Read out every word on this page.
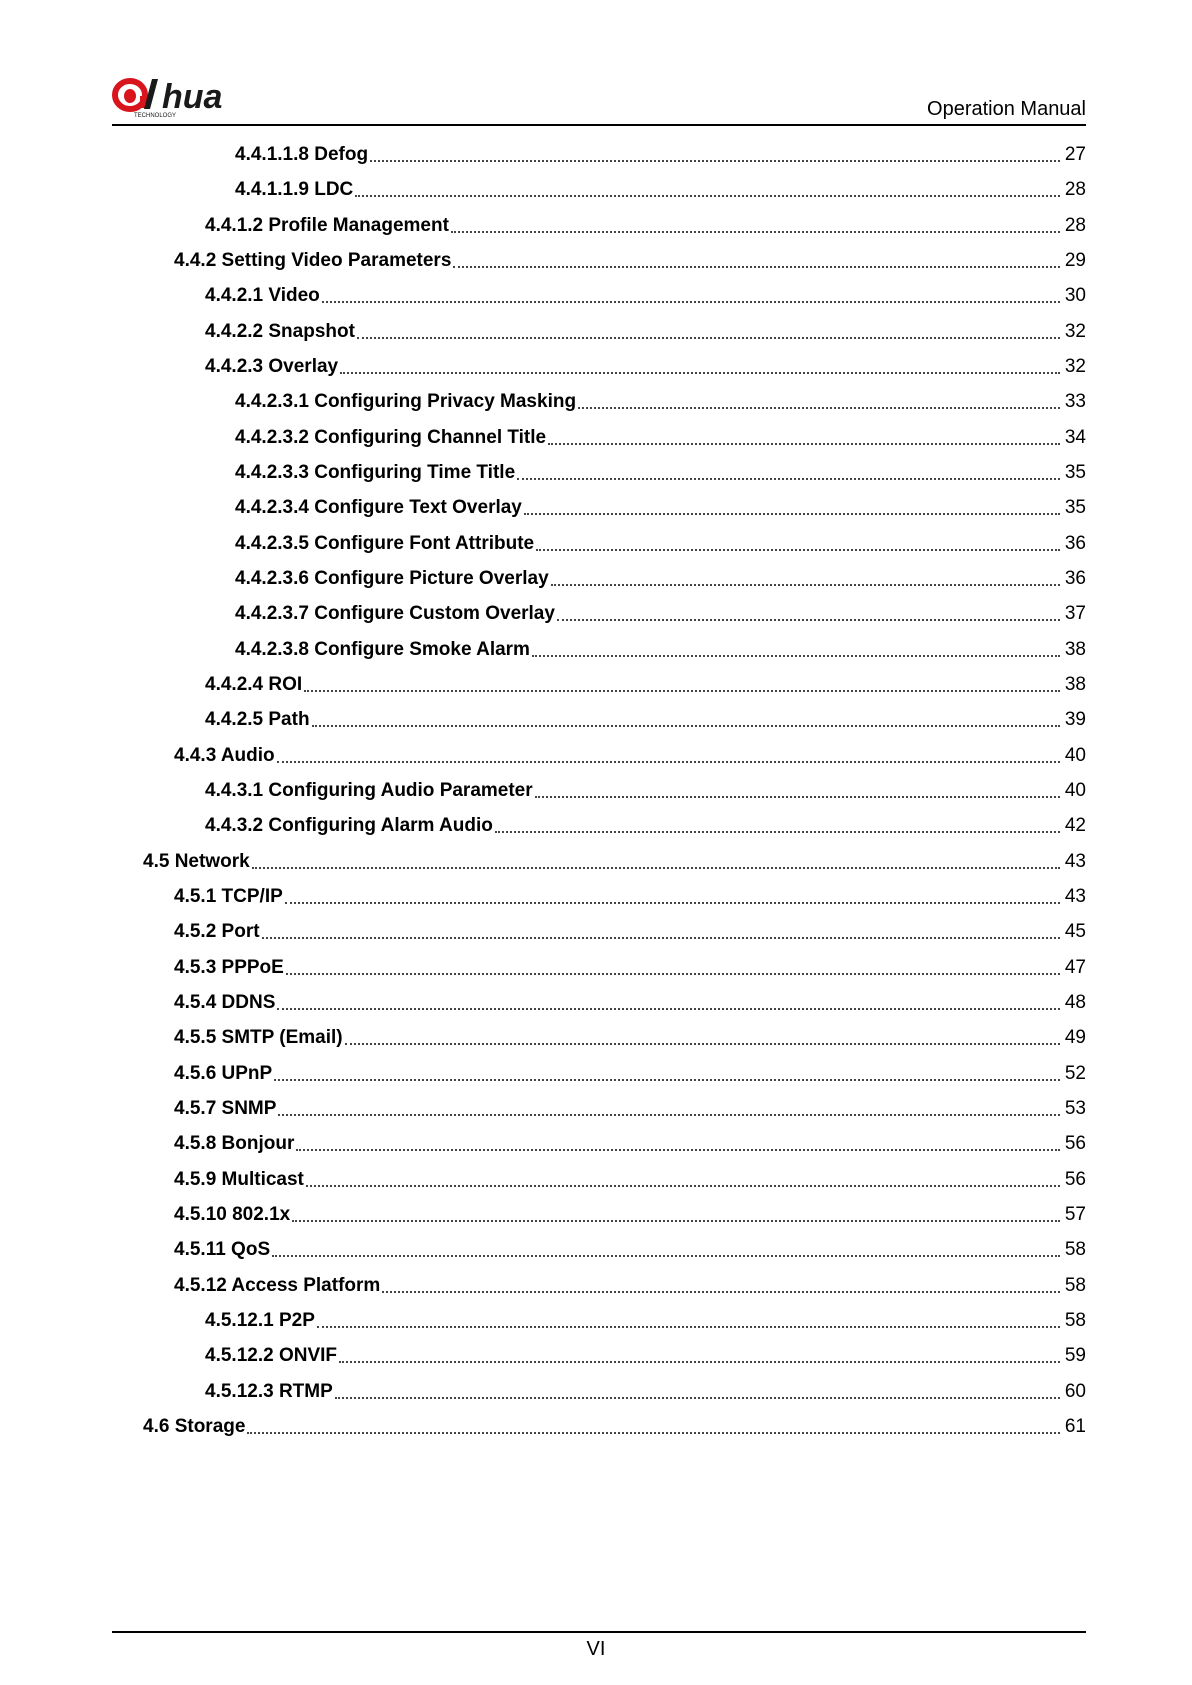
hua
TECHNOLOGY	Operation Manual
4.4.1.1.8 Defog	27
4.4.1.1.9 LDC	28
4.4.1.2 Profile Management	28
4.4.2 Setting Video Parameters	29
4.4.2.1 Video	30
4.4.2.2 Snapshot	32
4.4.2.3 Overlay	32
4.4.2.3.1 Configuring Privacy Masking	33
4.4.2.3.2 Configuring Channel Title	34
4.4.2.3.3 Configuring Time Title	35
4.4.2.3.4 Configure Text Overlay	35
4.4.2.3.5 Configure Font Attribute	36
4.4.2.3.6 Configure Picture Overlay	36
4.4.2.3.7 Configure Custom Overlay	37
4.4.2.3.8 Configure Smoke Alarm	38
4.4.2.4 ROI	38
4.4.2.5 Path	39
4.4.3 Audio	40
4.4.3.1 Configuring Audio Parameter	40
4.4.3.2 Configuring Alarm Audio	42
4.5 Network	43
4.5.1 TCP/IP	43
4.5.2 Port	45
4.5.3 PPPoE	47
4.5.4 DDNS	48
4.5.5 SMTP (Email)	49
4.5.6 UPnP	52
4.5.7 SNMP	53
4.5.8 Bonjour	56
4.5.9 Multicast	56
4.5.10 802.1x	57
4.5.11 QoS	58
4.5.12 Access Platform	58
4.5.12.1 P2P	58
4.5.12.2 ONVIF	59
4.5.12.3 RTMP	60
4.6 Storage	61
VI
